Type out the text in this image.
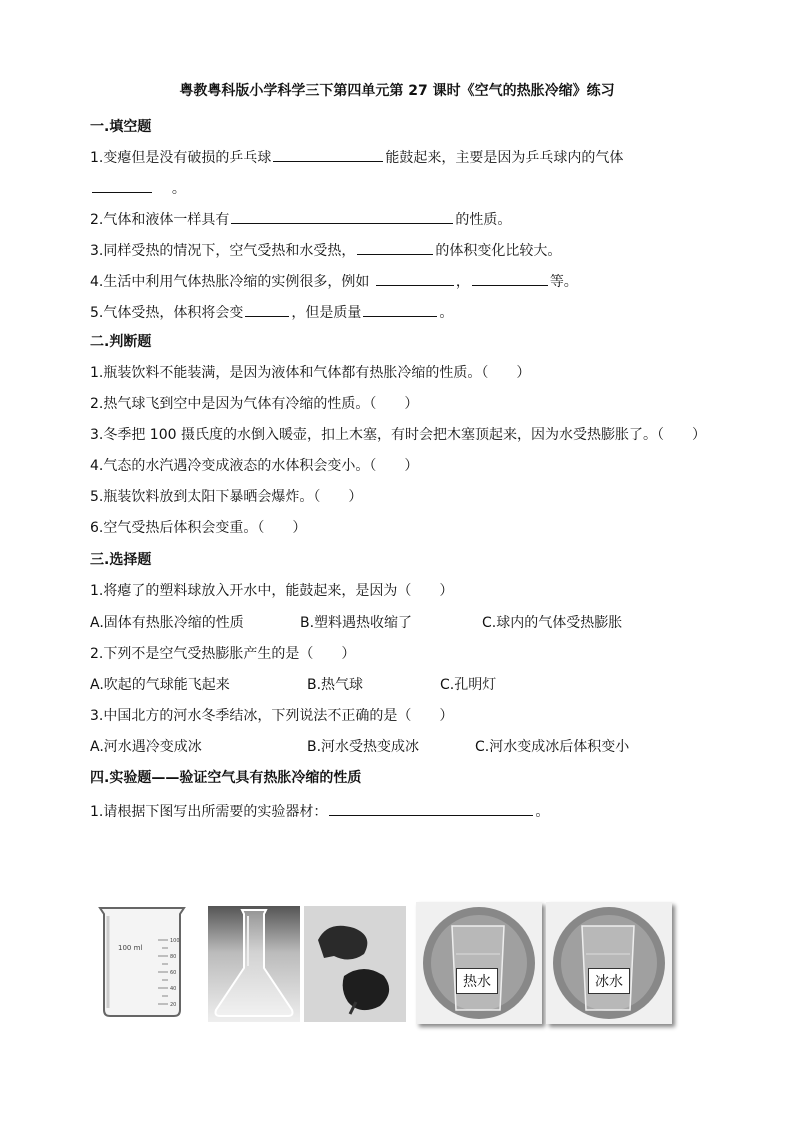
粤教粤科版小学科学三下第四单元第 27 课时《空气的热胀冷缩》练习
一.填空题
1.变瘪但是没有破损的乒乓球	能鼓起来，主要是因为乒乓球内的气体
。
2.气体和液体一样具有	的性质。
3.同样受热的情况下，空气受热和水受热，	的体积变化比较大。
4.生活中利用气体热胀冷缩的实例很多，例如	，	等。
5.气体受热，体积将会变	，但是质量	。
二.判断题
1.瓶装饮料不能装满，是因为液体和气体都有热胀冷缩的性质。（　　）
2.热气球飞到空中是因为气体有冷缩的性质。（　　）
3.冬季把 100 摄氏度的水倒入暖壶，扣上木塞，有时会把木塞顶起来，因为水受热膨胀了。（　　）
4.气态的水汽遇冷变成液态的水体积会变小。（　　）
5.瓶装饮料放到太阳下暴晒会爆炸。（　　）
6.空气受热后体积会变重。（　　）
三.选择题
1.将瘪了的塑料球放入开水中，能鼓起来，是因为（　　）
A.固体有热胀冷缩的性质	B.塑料遇热收缩了	C.球内的气体受热膨胀
2.下列不是空气受热膨胀产生的是（　　）
A.吹起的气球能飞起来	B.热气球	C.孔明灯
3.中国北方的河水冬季结冰，下列说法不正确的是（　　）
A.河水遇冷变成冰	B.河水受热变成冰	C.河水变成冰后体积变小
四.实验题——验证空气具有热胀冷缩的性质
1.请根据下图写出所需要的实验器材：	。
100 ml
100
80
60
40
20
热水	冰水
